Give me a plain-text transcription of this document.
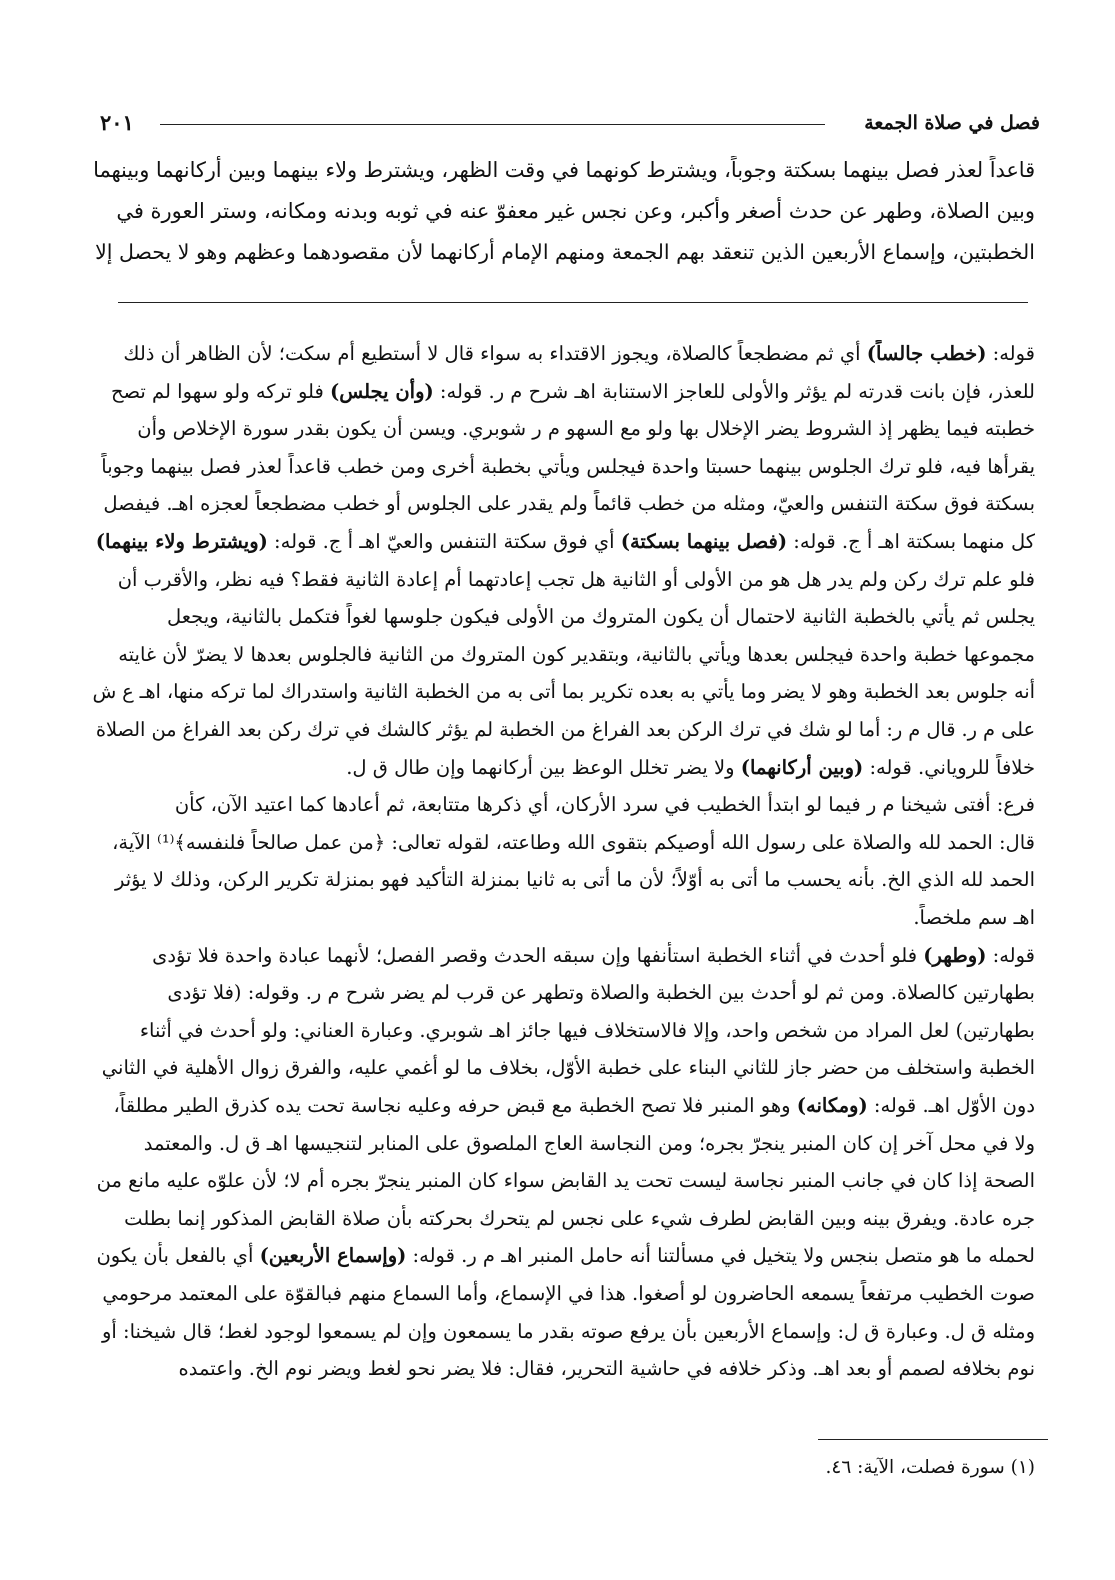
فصل في صلاة الجمعة
٢٠١
قاعداً لعذر فصل بينهما بسكتة وجوباً، ويشترط كونهما في وقت الظهر، ويشترط ولاء بينهما وبين أركانهما وبينهما
وبين الصلاة، وطهر عن حدث أصغر وأكبر، وعن نجس غير معفوّ عنه في ثوبه وبدنه ومكانه، وستر العورة في
الخطبتين، وإسماع الأربعين الذين تنعقد بهم الجمعة ومنهم الإمام أركانهما لأن مقصودهما وعظهم وهو لا يحصل إلا
قوله: (خطب جالساً) أي ثم مضطجعاً كالصلاة، ويجوز الاقتداء به سواء قال لا أستطيع أم سكت؛ لأن الظاهر أن ذلك
للعذر، فإن بانت قدرته لم يؤثر والأولى للعاجز الاستنابة اهـ شرح م ر. قوله: (وأن يجلس) فلو تركه ولو سهوا لم تصح
خطبته فيما يظهر إذ الشروط يضر الإخلال بها ولو مع السهو م ر شوبري. ويسن أن يكون بقدر سورة الإخلاص وأن
يقرأها فيه، فلو ترك الجلوس بينهما حسبتا واحدة فيجلس ويأتي بخطبة أخرى ومن خطب قاعداً لعذر فصل بينهما وجوباً
بسكتة فوق سكتة التنفس والعيّ، ومثله من خطب قائماً ولم يقدر على الجلوس أو خطب مضطجعاً لعجزه اهـ. فيفصل
كل منهما بسكتة اهـ أ ج. قوله: (فصل بينهما بسكتة) أي فوق سكتة التنفس والعيّ اهـ أ ج. قوله: (ويشترط ولاء بينهما)
فلو علم ترك ركن ولم يدر هل هو من الأولى أو الثانية هل تجب إعادتهما أم إعادة الثانية فقط؟ فيه نظر، والأقرب أن
يجلس ثم يأتي بالخطبة الثانية لاحتمال أن يكون المتروك من الأولى فيكون جلوسها لغواً فتكمل بالثانية، ويجعل
مجموعها خطبة واحدة فيجلس بعدها ويأتي بالثانية، وبتقدير كون المتروك من الثانية فالجلوس بعدها لا يضرّ لأن غايته
أنه جلوس بعد الخطبة وهو لا يضر وما يأتي به بعده تكرير بما أتى به من الخطبة الثانية واستدراك لما تركه منها، اهـ ع ش
على م ر. قال م ر: أما لو شك في ترك الركن بعد الفراغ من الخطبة لم يؤثر كالشك في ترك ركن بعد الفراغ من الصلاة
خلافاً للروياني. قوله: (وبين أركانهما) ولا يضر تخلل الوعظ بين أركانهما وإن طال ق ل.
فرع: أفتى شيخنا م ر فيما لو ابتدأ الخطيب في سرد الأركان، أي ذكرها متتابعة، ثم أعادها كما اعتيد الآن، كأن
قال: الحمد لله والصلاة على رسول الله أوصيكم بتقوى الله وطاعته، لقوله تعالى: ﴿من عمل صالحاً فلنفسه﴾⁽¹⁾ الآية،
الحمد لله الذي الخ. بأنه يحسب ما أتى به أوّلاً؛ لأن ما أتى به ثانيا بمنزلة التأكيد فهو بمنزلة تكرير الركن، وذلك لا يؤثر
اهـ سم ملخصاً.
قوله: (وطهر) فلو أحدث في أثناء الخطبة استأنفها وإن سبقه الحدث وقصر الفصل؛ لأنهما عبادة واحدة فلا تؤدى
بطهارتين كالصلاة. ومن ثم لو أحدث بين الخطبة والصلاة وتطهر عن قرب لم يضر شرح م ر. وقوله: (فلا تؤدى
بطهارتين) لعل المراد من شخص واحد، وإلا فالاستخلاف فيها جائز اهـ شوبري. وعبارة العناني: ولو أحدث في أثناء
الخطبة واستخلف من حضر جاز للثاني البناء على خطبة الأوّل، بخلاف ما لو أُغمي عليه، والفرق زوال الأهلية في الثاني
دون الأوّل اهـ. قوله: (ومكانه) وهو المنبر فلا تصح الخطبة مع قبض حرفه وعليه نجاسة تحت يده كذرق الطير مطلقاً،
ولا في محل آخر إن كان المنبر ينجرّ بجره؛ ومن النجاسة العاج الملصوق على المنابر لتنجيسها اهـ ق ل. والمعتمد
الصحة إذا كان في جانب المنبر نجاسة ليست تحت يد القابض سواء كان المنبر ينجرّ بجره أم لا؛ لأن علوّه عليه مانع من
جره عادة. ويفرق بينه وبين القابض لطرف شيء على نجس لم يتحرك بحركته بأن صلاة القابض المذكور إنما بطلت
لحمله ما هو متصل بنجس ولا يتخيل في مسألتنا أنه حامل المنبر اهـ م ر. قوله: (وإسماع الأربعين) أي بالفعل بأن يكون
صوت الخطيب مرتفعاً يسمعه الحاضرون لو أصغوا. هذا في الإسماع، وأما السماع منهم فبالقوّة على المعتمد مرحومي
ومثله ق ل. وعبارة ق ل: وإسماع الأربعين بأن يرفع صوته بقدر ما يسمعون وإن لم يسمعوا لوجود لغط؛ قال شيخنا: أو
نوم بخلافه لصمم أو بعد اهـ. وذكر خلافه في حاشية التحرير، فقال: فلا يضر نحو لغط ويضر نوم الخ. واعتمده
(١) سورة فصلت، الآية: ٤٦.
